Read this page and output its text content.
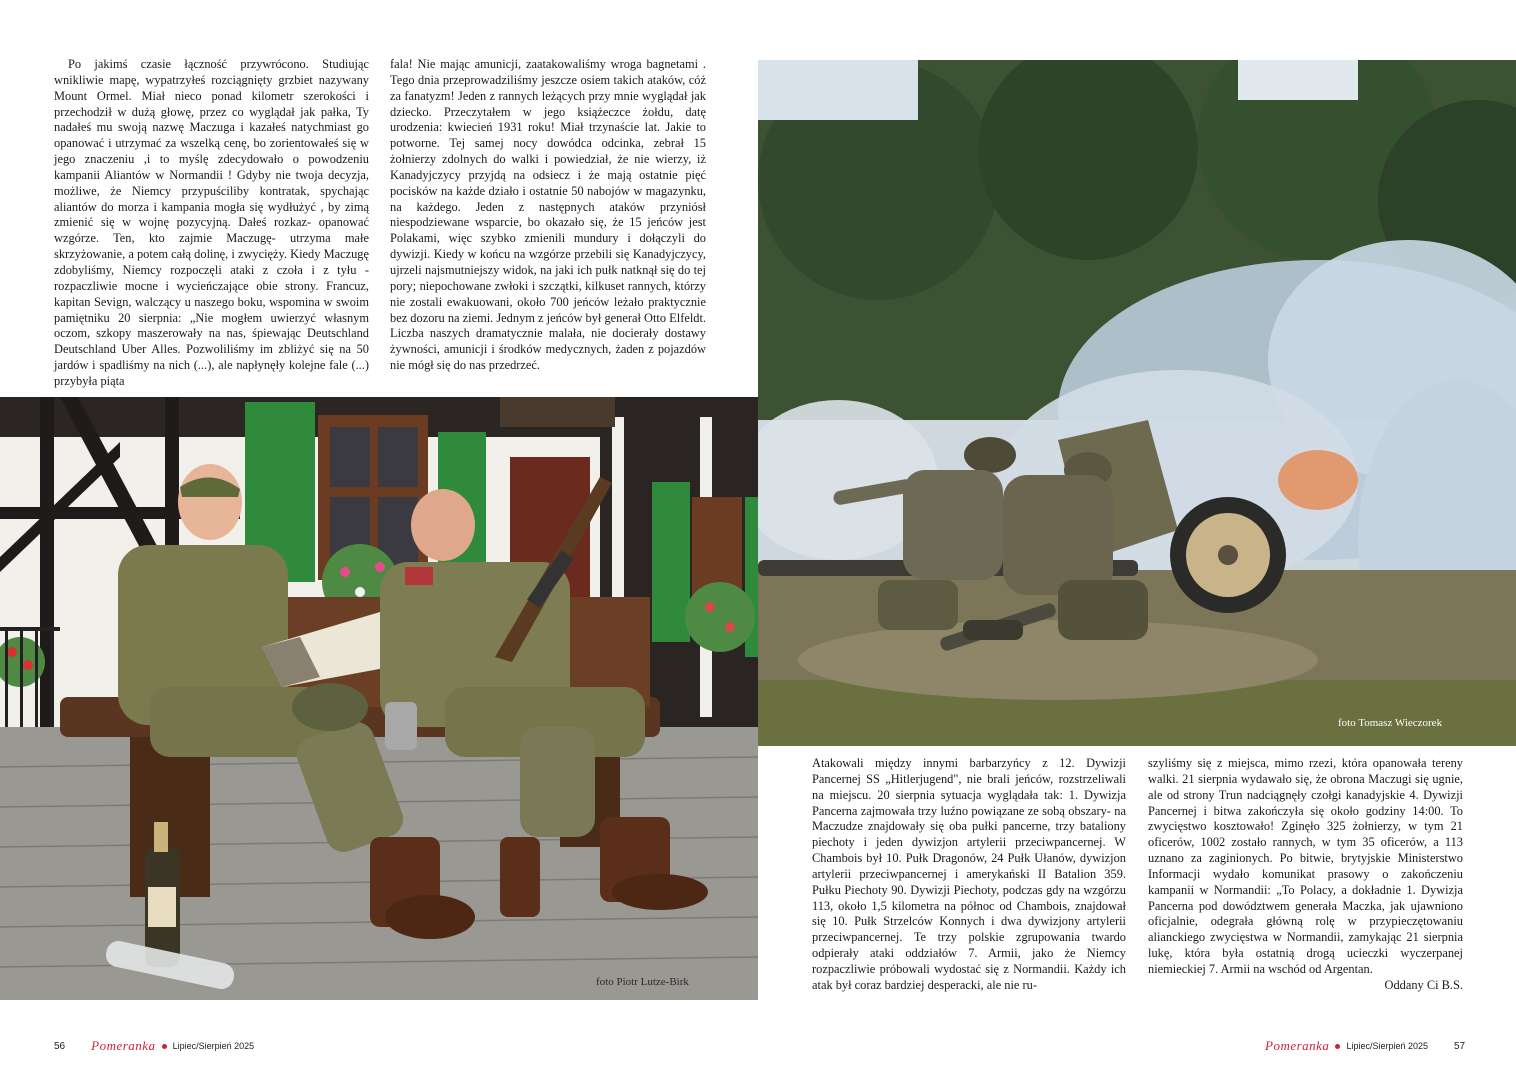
Po jakimś czasie łączność przywrócono. Studiując wnikliwie mapę, wypatrzyłeś rozciągnięty grzbiet nazywany Mount Ormel. Miał nieco ponad kilometr szerokości i przechodził w dużą głowę, przez co wyglądał jak pałka, Ty nadałeś mu swoją nazwę Maczuga i kazałeś natychmiast go opanować i utrzymać za wszelką cenę, bo zorientowałeś się w jego znaczeniu ,i to myślę zdecydowało o powodzeniu kampanii Aliantów w Normandii ! Gdyby nie twoja decyzja, możliwe, że Niemcy przypuściliby kontratak, spychając aliantów do morza i kampania mogła się wydłużyć , by zimą zmienić się w wojnę pozycyjną. Dałeś rozkaz- opanować wzgórze. Ten, kto zajmie Maczugę- utrzyma małe skrzyżowanie, a potem całą dolinę, i zwycięży. Kiedy Maczugę zdobyliśmy, Niemcy rozpoczęli ataki z czoła i z tyłu -rozpaczliwie mocne i wycieńczające obie strony. Francuz, kapitan Sevign, walczący u naszego boku, wspomina w swoim pamiętniku 20 sierpnia: „Nie mogłem uwierzyć własnym oczom, szkopy maszerowały na nas, śpiewając Deutschland Deutschland Uber Alles. Pozwoliliśmy im zbliżyć się na 50 jardów i spadliśmy na nich (...), ale napłynęły kolejne fale (...) przybyła piąta

fala! Nie mając amunicji, zaatakowaliśmy wroga bagnetami . Tego dnia przeprowadziliśmy jeszcze osiem takich ataków, cóż za fanatyzm! Jeden z rannych leżących przy mnie wyglądał jak dziecko. Przeczytałem w jego książeczce żołdu, datę urodzenia: kwiecień 1931 roku! Miał trzynaście lat. Jakie to potworne. Tej samej nocy dowódca odcinka, zebrał 15 żołnierzy zdolnych do walki i powiedział, że nie wierzy, iż Kanadyjczycy przyjdą na odsiecz i że mają ostatnie pięć pocisków na każde działo i ostatnie 50 nabojów w magazynku, na każdego. Jeden z następnych ataków przyniósł niespodziewane wsparcie, bo okazało się, że 15 jeńców jest Polakami, więc szybko zmienili mundury i dołączyli do dywizji. Kiedy w końcu na wzgórze przebili się Kanadyjczycy, ujrzeli najsmutniejszy widok, na jaki ich pułk natknął się do tej pory; niepochowane zwłoki i szczątki, kilkuset rannych, którzy nie zostali ewakuowani, około 700 jeńców leżało praktycznie bez dozoru na ziemi. Jednym z jeńców był generał Otto Elfeldt. Liczba naszych dramatycznie malała, nie docierały dostawy żywności, amunicji i środków medycznych, żaden z pojazdów nie mógł się do nas przedrzeć.

foto Piotr Lutze-Birk
foto Tomasz Wieczorek

Atakowali między innymi barbarzyńcy z 12. Dywizji Pancernej SS „Hitlerjugend", nie brali jeńców, rozstrzeliwali na miejscu. 20 sierpnia sytuacja wyglądała tak: 1. Dywizja Pancerna zajmowała trzy luźno powiązane ze sobą obszary- na Maczudze znajdowały się oba pułki pancerne, trzy bataliony piechoty i jeden dywizjon artylerii przeciwpancernej. W Chambois był 10. Pułk Dragonów, 24 Pułk Ułanów, dywizjon artylerii przeciwpancernej i amerykański II Batalion 359. Pułku Piechoty 90. Dywizji Piechoty, podczas gdy na wzgórzu 113, około 1,5 kilometra na północ od Chambois, znajdował się 10. Pułk Strzelców Konnych i dwa dywizjony artylerii przeciwpancernej. Te trzy polskie zgrupowania twardo odpierały ataki oddziałów 7. Armii, jako że Niemcy rozpaczliwie próbowali wydostać się z Normandii. Każdy ich atak był coraz bardziej desperacki, ale nie ru-

szyliśmy się z miejsca, mimo rzezi, która opanowała tereny walki. 21 sierpnia wydawało się, że obrona Maczugi się ugnie, ale od strony Trun nadciągnęły czołgi kanadyjskie 4. Dywizji Pancernej i bitwa zakończyła się około godziny 14:00. To zwycięstwo kosztowało! Zginęło 325 żołnierzy, w tym 21 oficerów, 1002 zostało rannych, w tym 35 oficerów, a 113 uznano za zaginionych. Po bitwie, brytyjskie Ministerstwo Informacji wydało komunikat prasowy o zakończeniu kampanii w Normandii: „To Polacy, a dokładnie 1. Dywizja Pancerna pod dowództwem generała Maczka, jak ujawniono oficjalnie, odegrała główną rolę w przypieczętowaniu alianckiego zwycięstwa w Normandii, zamykając 21 sierpnia lukę, która była ostatnią drogą ucieczki wyczerpanej niemieckiej 7. Armii na wschód od Argentan.

Oddany Ci B.S.

56 Pomeranka Lipiec/Sierpień 2025	Pomeranka Lipiec/Sierpień 2025	57
